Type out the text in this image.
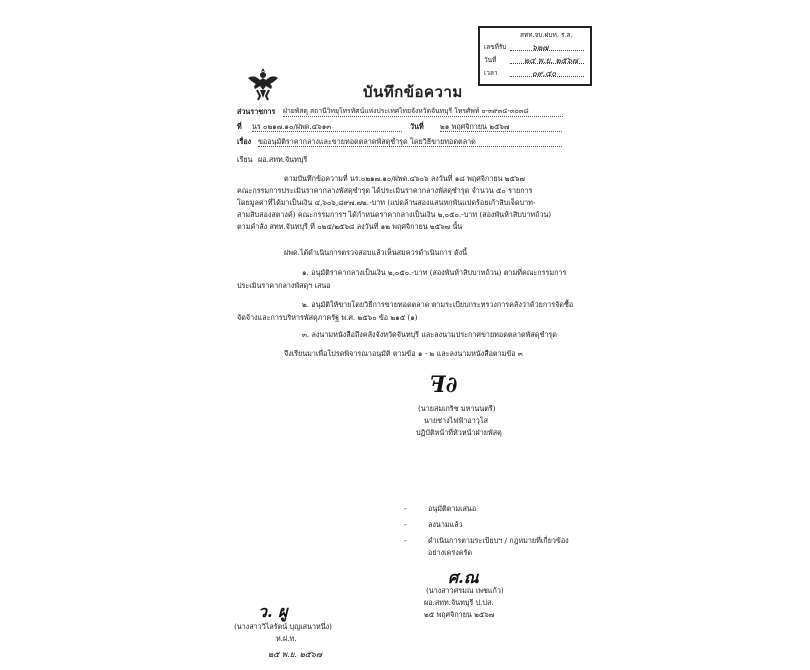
สทท.จบ.ฝบท. ร.ล.
เลขที่รับ	๖๒๗
วันที่	๒๔ พ.ย. ๒๕๖๗
เวลา	๐๙.๔๐
บันทึกข้อความ
ส่วนราชการ ฝ่ายพัสดุ สถานีวิทยุโทรทัศน์แห่งประเทศไทยจังหวัดจันทบุรี โทรศัพท์ ๐-๓๙๓๔-๓๐๓๘
ที่ นร ๐๒๑๗.๑๐/ฝพด.๔๖๑๓	วันที่ ๒๑ พฤศจิกายน ๒๕๖๗
เรื่อง ขออนุมัติราคากลางและขายทอดตลาดพัสดุชำรุด โดยวิธีขายทอดตลาด
เรียน ผอ.สทท.จันทบุรี
ตามบันทึกข้อความที่ นร.๐๒๑๗.๑๐/ฝพด.๔๖๐๖ ลงวันที่ ๑๘ พฤศจิกายน ๒๕๖๗
คณะกรรมการประเมินราคากลางพัสดุชำรุด ได้ประเมินราคากลางพัสดุชำรุด จำนวน ๕๐ รายการ
โดยมูลค่าที่ได้มาเป็นเงิน ๔,๖๐๖,๘๙๗.๗๒.-บาท (แปดล้านสองแสนหกพันแปดร้อยเก้าสิบเจ็ดบาท-
สามสิบสองสตางค์) คณะกรรมการฯ ได้กำหนดราคากลางเป็นเงิน ๒,๐๕๐.-บาท (สองพันห้าสิบบาทถ้วน)
ตามคำสั่ง สทท.จันทบุรี ที่ ๐๒๔/๒๕๖๘ ลงวันที่ ๑๒ พฤศจิกายน ๒๕๖๗ นั้น
ฝพด.ได้ดำเนินการตรวจสอบแล้วเห็นสมควรดำเนินการ ดังนี้
๑. อนุมัติราคากลางเป็นเงิน ๒,๐๕๐.-บาท (สองพันห้าสิบบาทถ้วน) ตามที่คณะกรรมการ
ประเมินราคากลางพัสดุฯ เสนอ
๒. อนุมัติให้ขายโดยวิธีการขายทอดตลาด ตามระเบียบกระทรวงการคลังว่าด้วยการจัดซื้อ
จัดจ้างและการบริหารพัสดุภาครัฐ พ.ศ. ๒๕๖๐ ข้อ ๒๑๕ (๑)
๓. ลงนามหนังสือถึงคลังจังหวัดจันทบุรี และลงนามประกาศขายทอดตลาดพัสดุชำรุด
จึงเรียนมาเพื่อโปรดพิจารณาอนุมัติ ตามข้อ ๑ - ๒ และลงนามหนังสือตามข้อ ๓
ꟻ∂
(นายสมเกริช มหานนตรี)
นายช่างไฟฟ้าอาวุโส
ปฏิบัติหน้าที่หัวหน้าฝ่ายพัสดุ
-	อนุมัติตามเสนอ
-	ลงนามแล้ว
-	ดำเนินการตามระเบียบฯ / กฎหมายที่เกี่ยวข้อง
อย่างเคร่งครัด
ศ.ณ
(นางสาวศรมณ เพชแก้ว)
ผอ.สทท.จันทบุรี ป.ปส.
๒๕ พฤศจิกายน ๒๕๖๗
ว. ผู
(นางสาววิไลรัตน์ บุญเสนาหนึ่ง)
ห.ฝ.ท.
๒๕ พ.ย. ๒๕๖๗
